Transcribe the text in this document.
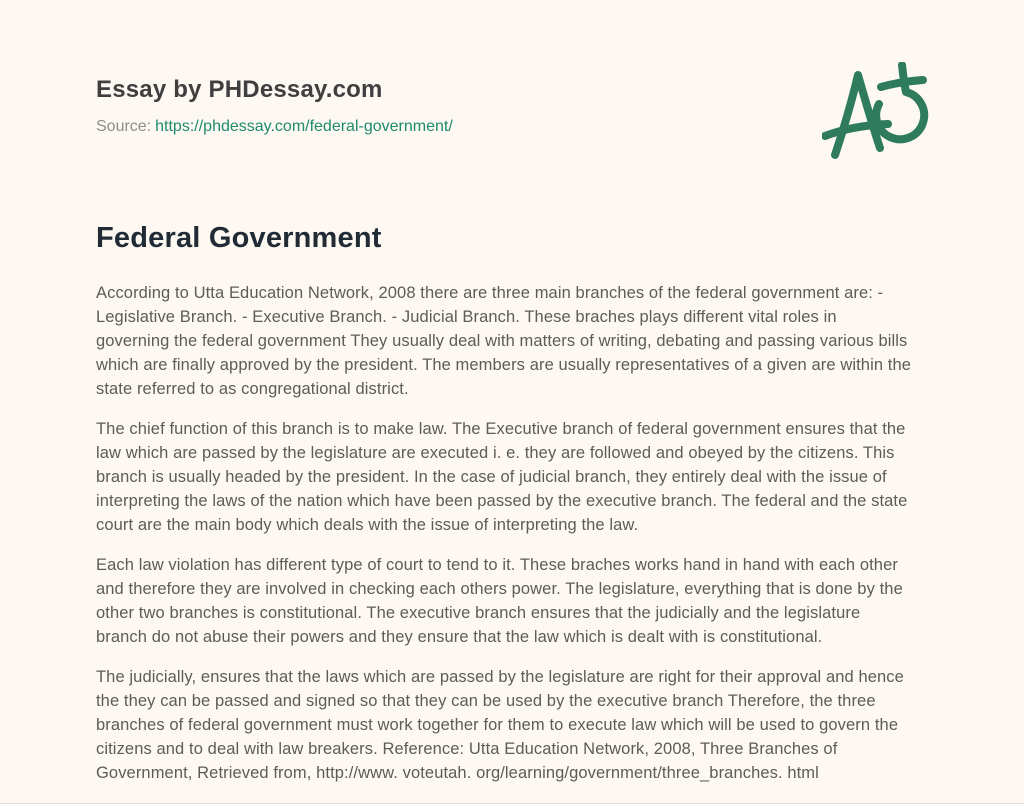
Essay by PHDessay.com
Source: https://phdessay.com/federal-government/
Federal Government

According to Utta Education Network, 2008 there are three main branches of the federal government are: - Legislative Branch. - Executive Branch. - Judicial Branch. These braches plays different vital roles in governing the federal government They usually deal with matters of writing, debating and passing various bills which are finally approved by the president. The members are usually representatives of a given are within the state referred to as congregational district.

The chief function of this branch is to make law. The Executive branch of federal government ensures that the law which are passed by the legislature are executed i. e. they are followed and obeyed by the citizens. This branch is usually headed by the president. In the case of judicial branch, they entirely deal with the issue of interpreting the laws of the nation which have been passed by the executive branch. The federal and the state court are the main body which deals with the issue of interpreting the law.

Each law violation has different type of court to tend to it. These braches works hand in hand with each other and therefore they are involved in checking each others power. The legislature, everything that is done by the other two branches is constitutional. The executive branch ensures that the judicially and the legislature branch do not abuse their powers and they ensure that the law which is dealt with is constitutional.

The judicially, ensures that the laws which are passed by the legislature are right for their approval and hence the they can be passed and signed so that they can be used by the executive branch Therefore, the three branches of federal government must work together for them to execute law which will be used to govern the citizens and to deal with law breakers. Reference: Utta Education Network, 2008, Three Branches of Government, Retrieved from, http://www. voteutah. org/learning/government/three_branches. html
